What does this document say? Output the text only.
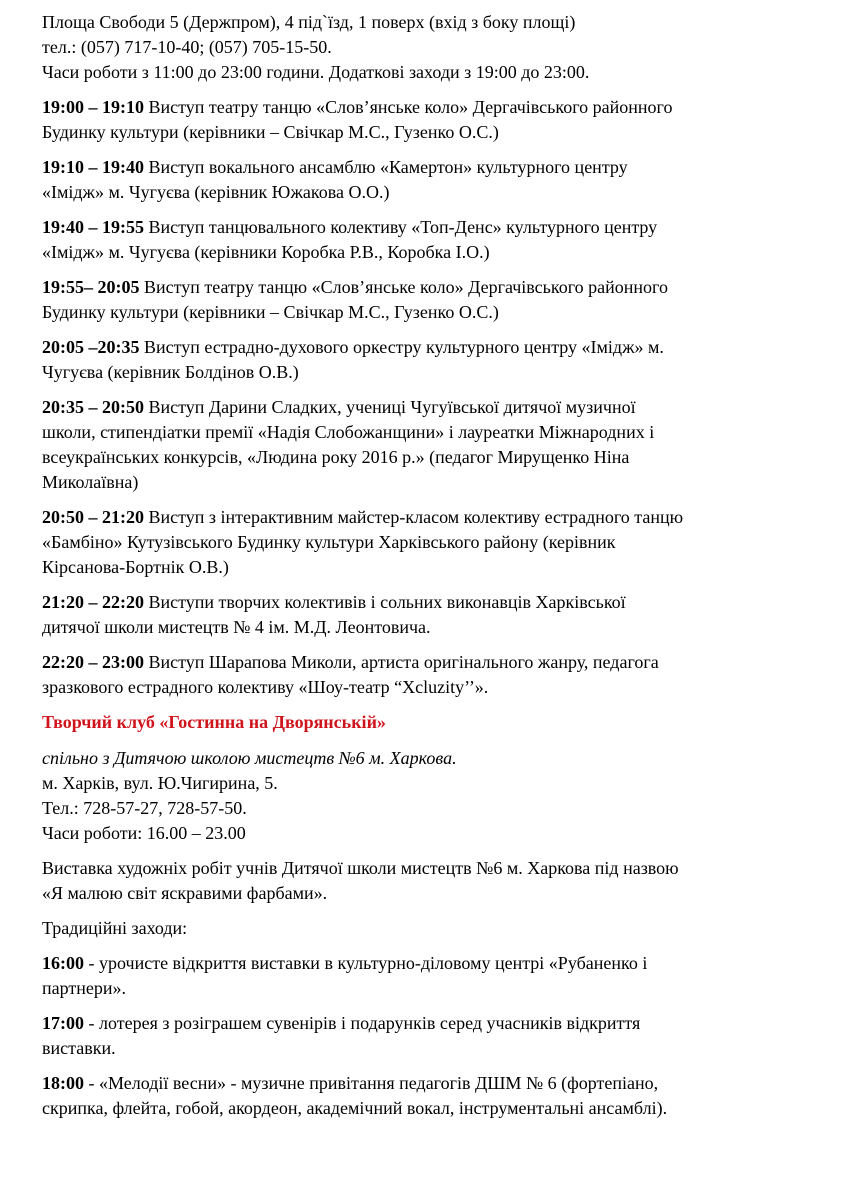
Площа Свободи 5 (Держпром), 4 під`їзд, 1 поверх (вхід з боку площі)
тел.: (057) 717-10-40; (057) 705-15-50.
Часи роботи з 11:00 до 23:00 години. Додаткові заходи з 19:00 до 23:00.
19:00 – 19:10 Виступ театру танцю «Слов’янське коло» Дергачівського районного
Будинку культури (керівники – Свічкар М.С., Гузенко О.С.)
19:10 – 19:40 Виступ вокального ансамблю «Камертон» культурного центру
«Імідж» м. Чугуєва (керівник Южакова О.О.)
19:40 – 19:55 Виступ танцювального колективу «Топ-Денс» культурного центру
«Імідж» м. Чугуєва (керівники Коробка Р.В., Коробка І.О.)
19:55– 20:05 Виступ театру танцю «Слов’янське коло» Дергачівського районного
Будинку культури (керівники – Свічкар М.С., Гузенко О.С.)
20:05 –20:35 Виступ естрадно-духового оркестру культурного центру «Імідж» м.
Чугуєва (керівник Болдінов О.В.)
20:35 – 20:50 Виступ Дарини Сладких, учениці Чугуївської дитячої музичної
школи, стипендіатки премії «Надія Слобожанщини» і лауреатки Міжнародних і
всеукраїнських конкурсів, «Людина року 2016 р.» (педагог Мирущенко Ніна
Миколаївна)
20:50 – 21:20 Виступ з інтерактивним майстер-класом колективу естрадного танцю
«Бамбіно» Кутузівського Будинку культури Харківського району (керівник
Кірсанова-Бортнік О.В.)
21:20 – 22:20 Виступи творчих колективів і сольних виконавців Харківської
дитячої школи мистецтв № 4 ім. М.Д. Леонтовича.
22:20 – 23:00 Виступ Шарапова Миколи, артиста оригінального жанру, педагога
зразкового естрадного колективу «Шоу-театр “Xcluzity’’».
Творчий клуб «Гостинна на Дворянській»
спільно з Дитячою школою мистецтв №6 м. Харкова.
м. Харків, вул. Ю.Чигирина, 5.
Тел.: 728-57-27, 728-57-50.
Часи роботи: 16.00 – 23.00
Виставка художніх робіт учнів Дитячої школи мистецтв №6 м. Харкова під назвою
«Я малюю світ яскравими фарбами».
Традиційні заходи:
16:00 - урочисте відкриття виставки в культурно-діловому центрі «Рубаненко і
партнери».
17:00 - лотерея з розіграшем сувенірів і подарунків серед учасників відкриття
виставки.
18:00 - «Мелодії весни» - музичне привітання педагогів ДШМ № 6 (фортепіано,
скрипка, флейта, гобой, акордеон, академічний вокал, інструментальні ансамблі).
